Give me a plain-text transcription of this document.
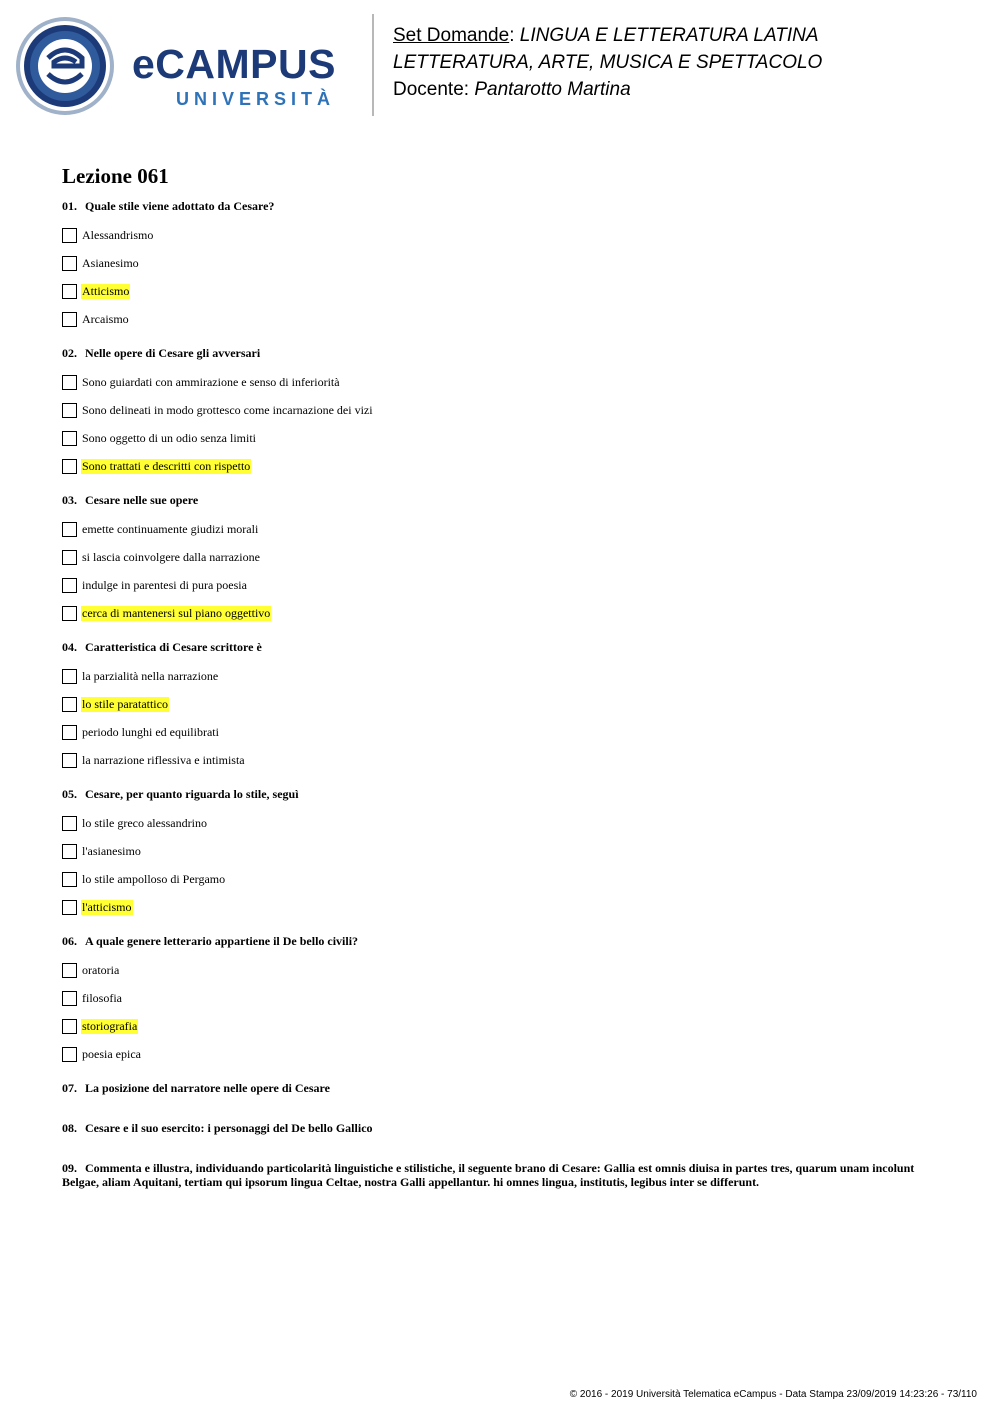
eCAMPUS
UNIVERSITÀ
Set Domande: LINGUA E LETTERATURA LATINA
LETTERATURA, ARTE, MUSICA E SPETTACOLO
Docente: Pantarotto Martina
Lezione 061
01. Quale stile viene adottato da Cesare?
Alessandrismo
Asianesimo
Atticismo
Arcaismo
02. Nelle opere di Cesare gli avversari
Sono guiardati con ammirazione e senso di inferiorità
Sono delineati in modo grottesco come incarnazione dei vizi
Sono oggetto di un odio senza limiti
Sono trattati e descritti con rispetto
03. Cesare nelle sue opere
emette continuamente giudizi morali
si lascia coinvolgere dalla narrazione
indulge in parentesi di pura poesia
cerca di mantenersi sul piano oggettivo
04. Caratteristica di Cesare scrittore è
la parzialità nella narrazione
lo stile paratattico
periodo lunghi ed equilibrati
la narrazione riflessiva e intimista
05. Cesare, per quanto riguarda lo stile, seguì
lo stile greco alessandrino
l'asianesimo
lo stile ampolloso di Pergamo
l'atticismo
06. A quale genere letterario appartiene il De bello civili?
oratoria
filosofia
storiografia
poesia epica
07. La posizione del narratore nelle opere di Cesare
08. Cesare e il suo esercito: i personaggi del De bello Gallico
09. Commenta e illustra, individuando particolarità linguistiche e stilistiche, il seguente brano di Cesare: Gallia est omnis diuisa in partes tres, quarum unam incolunt Belgae, aliam Aquitani, tertiam qui ipsorum lingua Celtae, nostra Galli appellantur. hi omnes lingua, institutis, legibus inter se differunt.
© 2016 - 2019 Università Telematica eCampus - Data Stampa 23/09/2019 14:23:26 - 73/110
